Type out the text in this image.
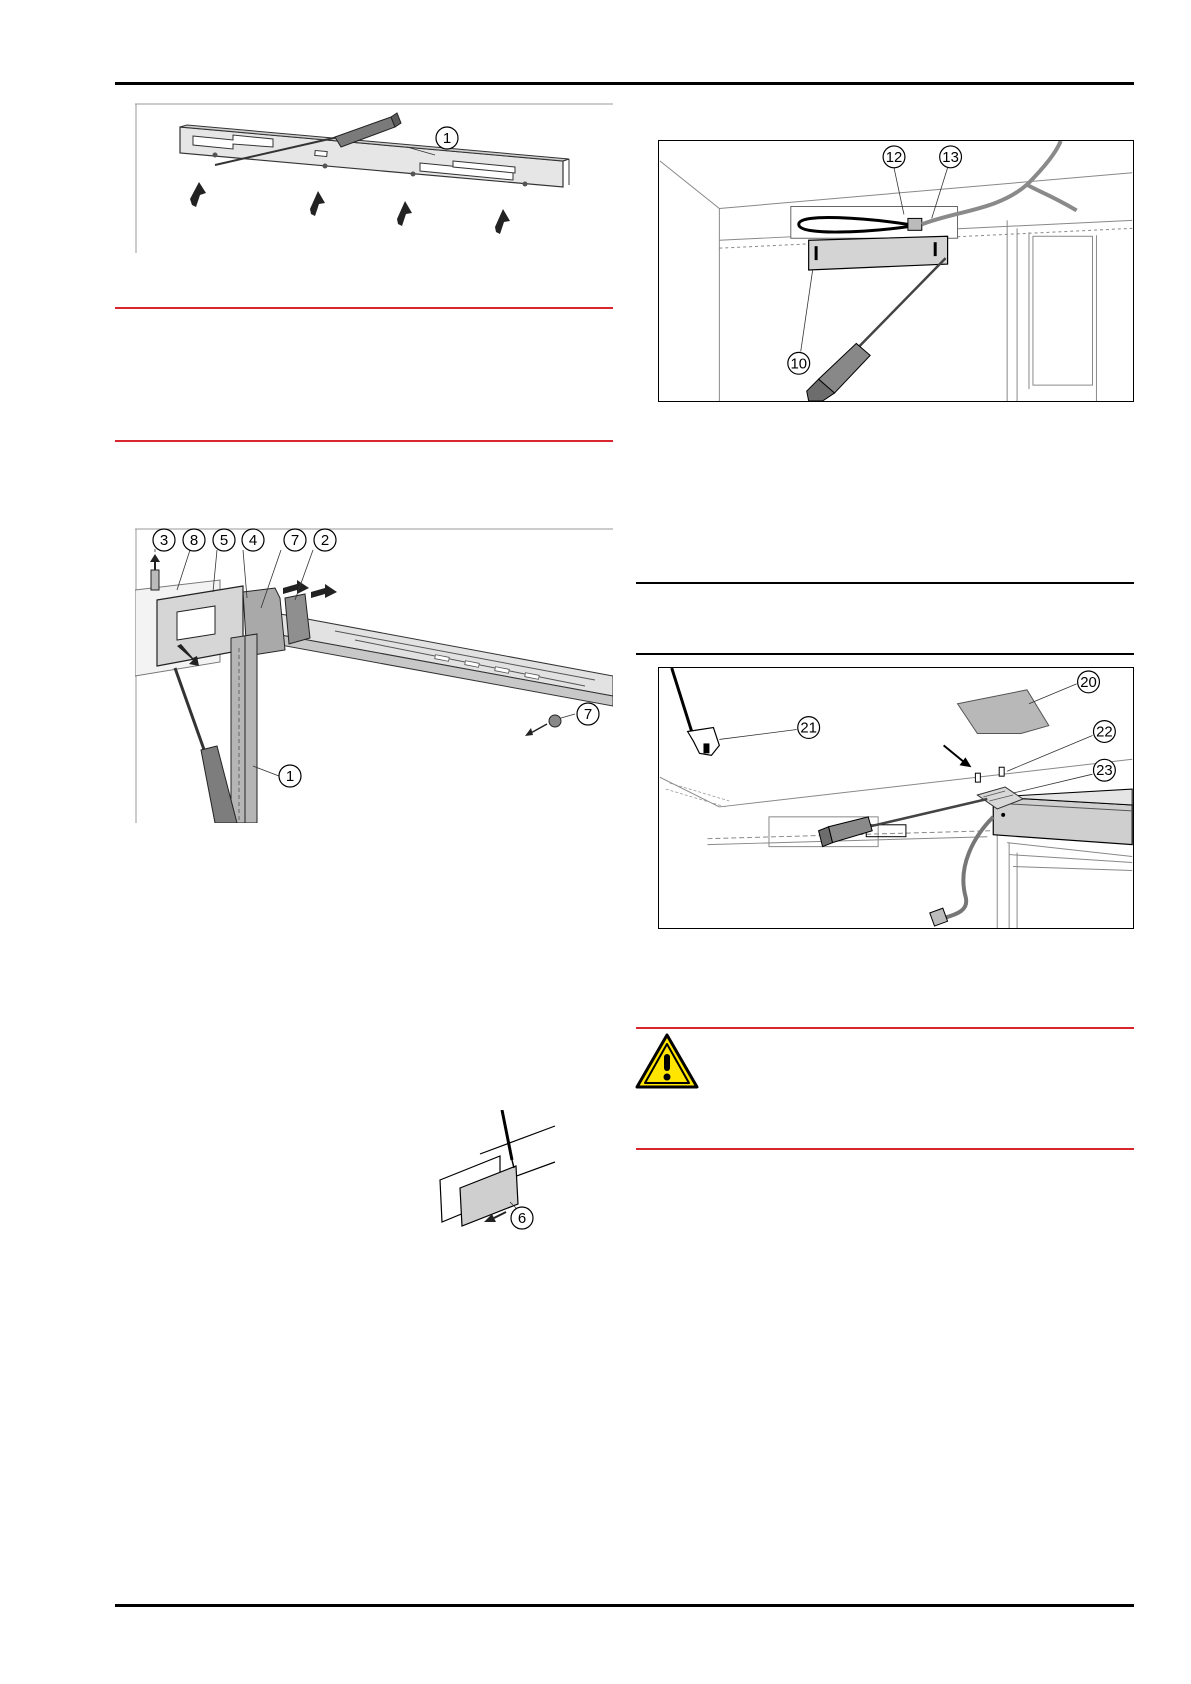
1
3 8 5 4 7 2
7
1
6
12	13
10
20
21	22
23
